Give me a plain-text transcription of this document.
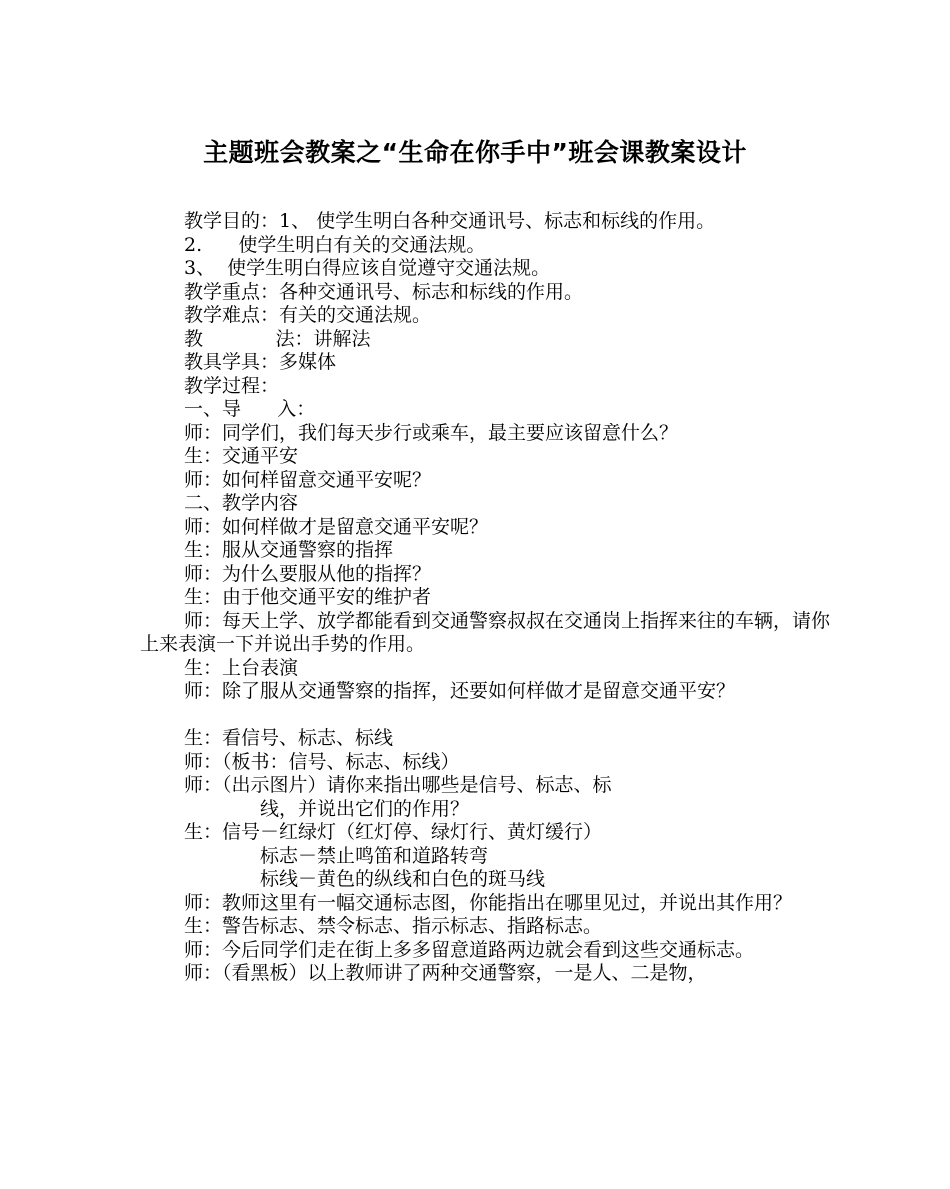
主题班会教案之“生命在你手中”班会课教案设计

教学目的：1、 使学生明白各种交通讯号、标志和标线的作用。

2.      使学生明白有关的交通法规。

3、  使学生明白得应该自觉遵守交通法规。

教学重点：各种交通讯号、标志和标线的作用。

教学难点：有关的交通法规。

教            法：讲解法

教具学具：多媒体

教学过程：

一、导      入：

师：同学们，我们每天步行或乘车，最主要应该留意什么？

生：交通平安

师：如何样留意交通平安呢？

二、教学内容

师：如何样做才是留意交通平安呢？

生：服从交通警察的指挥

师：为什么要服从他的指挥？

生：由于他交通平安的维护者

师：每天上学、放学都能看到交通警察叔叔在交通岗上指挥来往的车辆，请你上来表演一下并说出手势的作用。

生：上台表演

师：除了服从交通警察的指挥，还要如何样做才是留意交通平安？

生：看信号、标志、标线

师：（板书：信号、标志、标线）

师：（出示图片）请你来指出哪些是信号、标志、标

线，并说出它们的作用？

生：信号－红绿灯（红灯停、绿灯行、黄灯缓行）

标志－禁止鸣笛和道路转弯

标线－黄色的纵线和白色的斑马线

师：教师这里有一幅交通标志图，你能指出在哪里见过，并说出其作用？

生：警告标志、禁令标志、指示标志、指路标志。

师：今后同学们走在街上多多留意道路两边就会看到这些交通标志。

师：（看黑板）以上教师讲了两种交通警察，一是人、二是物，
